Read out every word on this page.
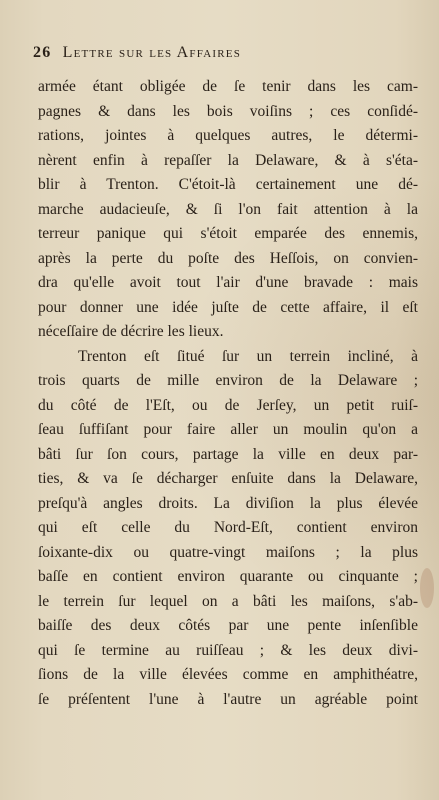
26 Lettre sur les Affaires
armée étant obligée de ſe tenir dans les cam-
pagnes & dans les bois voiſins ; ces conſidé-
rations, jointes à quelques autres, le détermi-
nèrent enfin à repaſſer la Delaware, & à s'éta-
blir à Trenton. C'étoit-là certainement une dé-
marche audacieuſe, & ſi l'on fait attention à la
terreur panique qui s'étoit emparée des ennemis,
après la perte du poſte des Heſſois, on convien-
dra qu'elle avoit tout l'air d'une bravade : mais
pour donner une idée juſte de cette affaire, il eſt
néceſſaire de décrire les lieux.
Trenton eſt ſitué ſur un terrein incliné, à
trois quarts de mille environ de la Delaware ;
du côté de l'Eſt, ou de Jerſey, un petit ruiſ-
ſeau ſuffiſant pour faire aller un moulin qu'on a
bâti ſur ſon cours, partage la ville en deux par-
ties, & va ſe décharger enſuite dans la Delaware,
preſqu'à angles droits. La diviſion la plus élevée
qui eſt celle du Nord-Eſt, contient environ
ſoixante-dix ou quatre-vingt maiſons ; la plus
baſſe en contient environ quarante ou cinquante ;
le terrein ſur lequel on a bâti les maiſons, s'ab-
baiſſe des deux côtés par une pente inſenſible
qui ſe termine au ruiſſeau ; & les deux divi-
ſions de la ville élevées comme en amphithéatre,
ſe préſentent l'une à l'autre un agréable point
